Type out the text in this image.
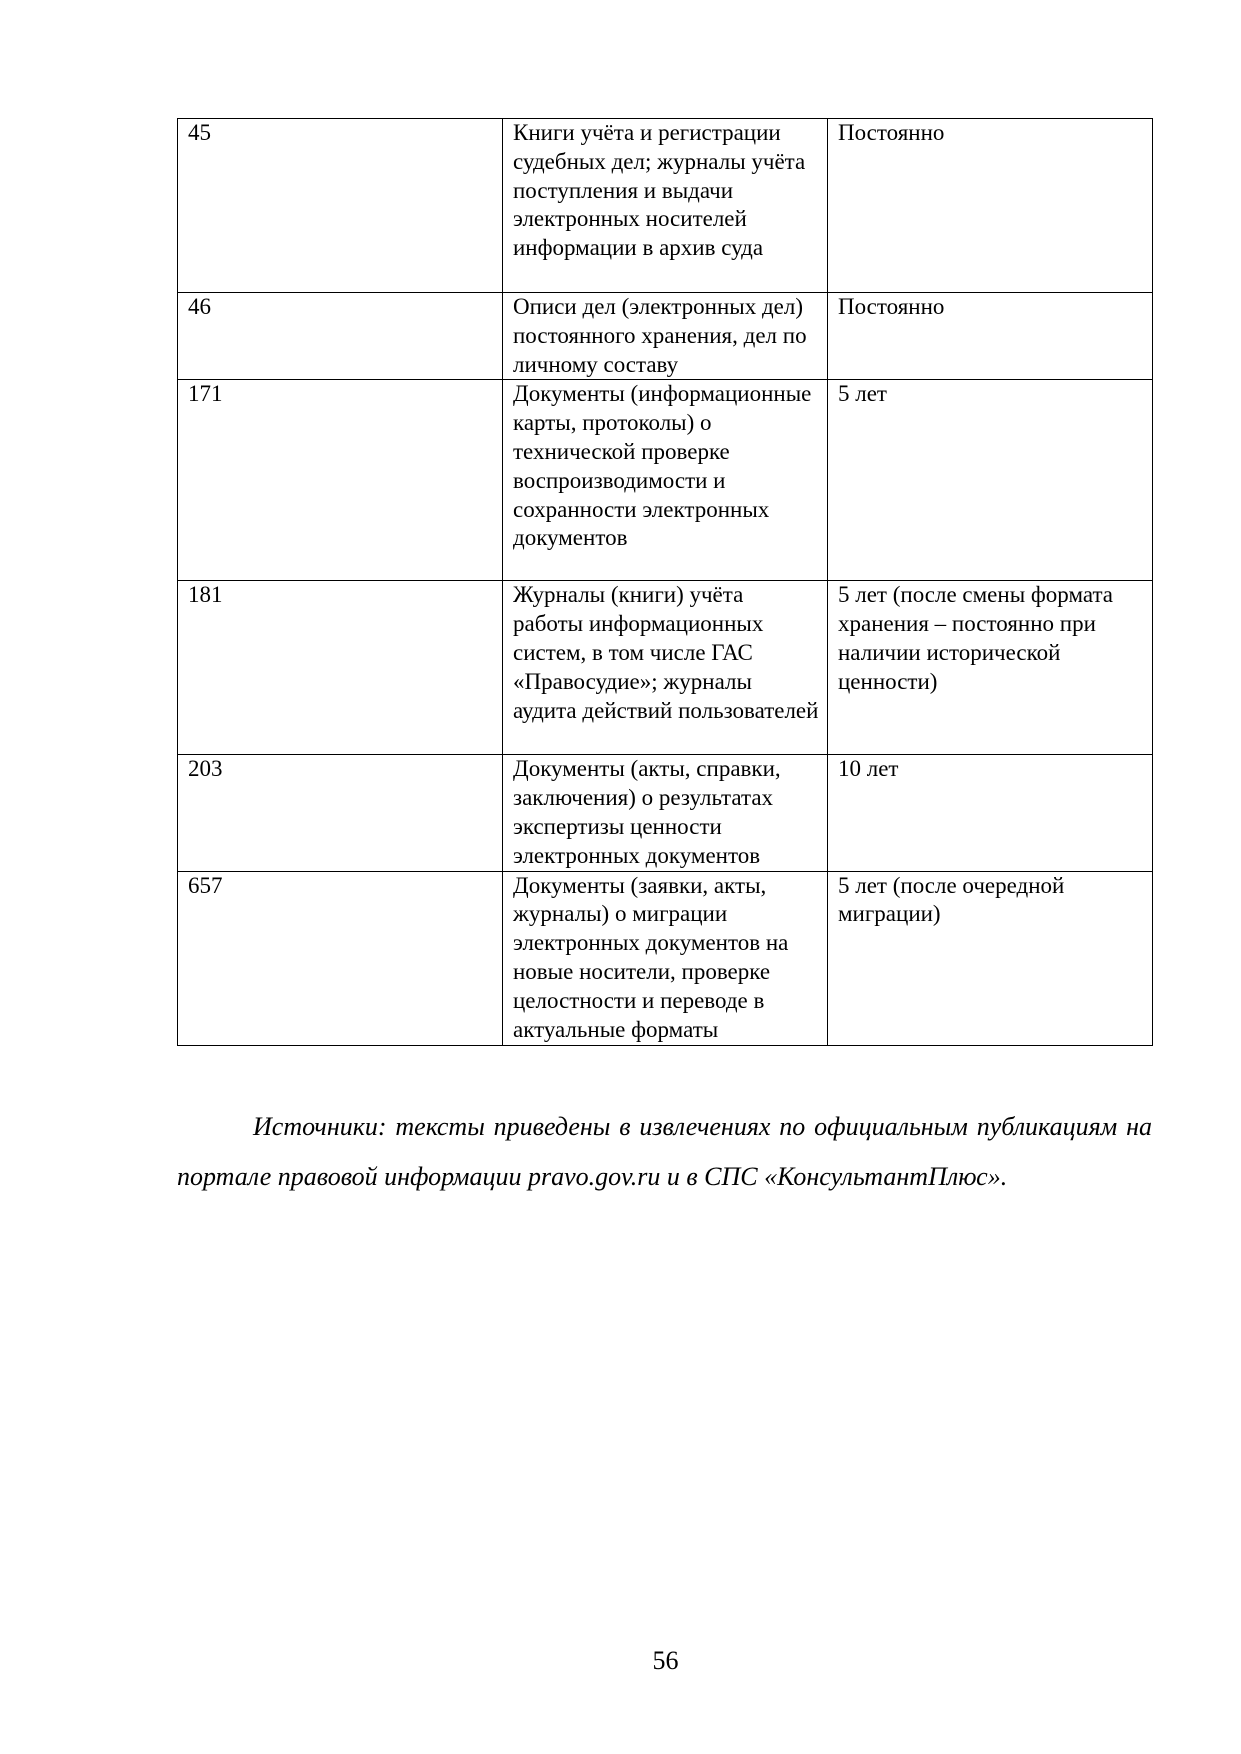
45	Книги учёта и регистрации судебных дел; журналы учёта поступления и выдачи электронных носителей информации в архив суда	Постоянно
46	Описи дел (электронных дел) постоянного хранения, дел по личному составу	Постоянно
171	Документы (информационные карты, протоколы) о технической проверке воспроизводимости и сохранности электронных документов	5 лет
181	Журналы (книги) учёта работы информационных систем, в том числе ГАС «Правосудие»; журналы аудита действий пользователей	5 лет (после смены формата хранения – постоянно при наличии исторической ценности)
203	Документы (акты, справки, заключения) о результатах экспертизы ценности электронных документов	10 лет
657	Документы (заявки, акты, журналы) о миграции электронных документов на новые носители, проверке целостности и переводе в актуальные форматы	5 лет (после очередной миграции)

Источники: тексты приведены в извлечениях по официальным публикациям на портале правовой информации pravo.gov.ru и в СПС «КонсультантПлюс».

56
